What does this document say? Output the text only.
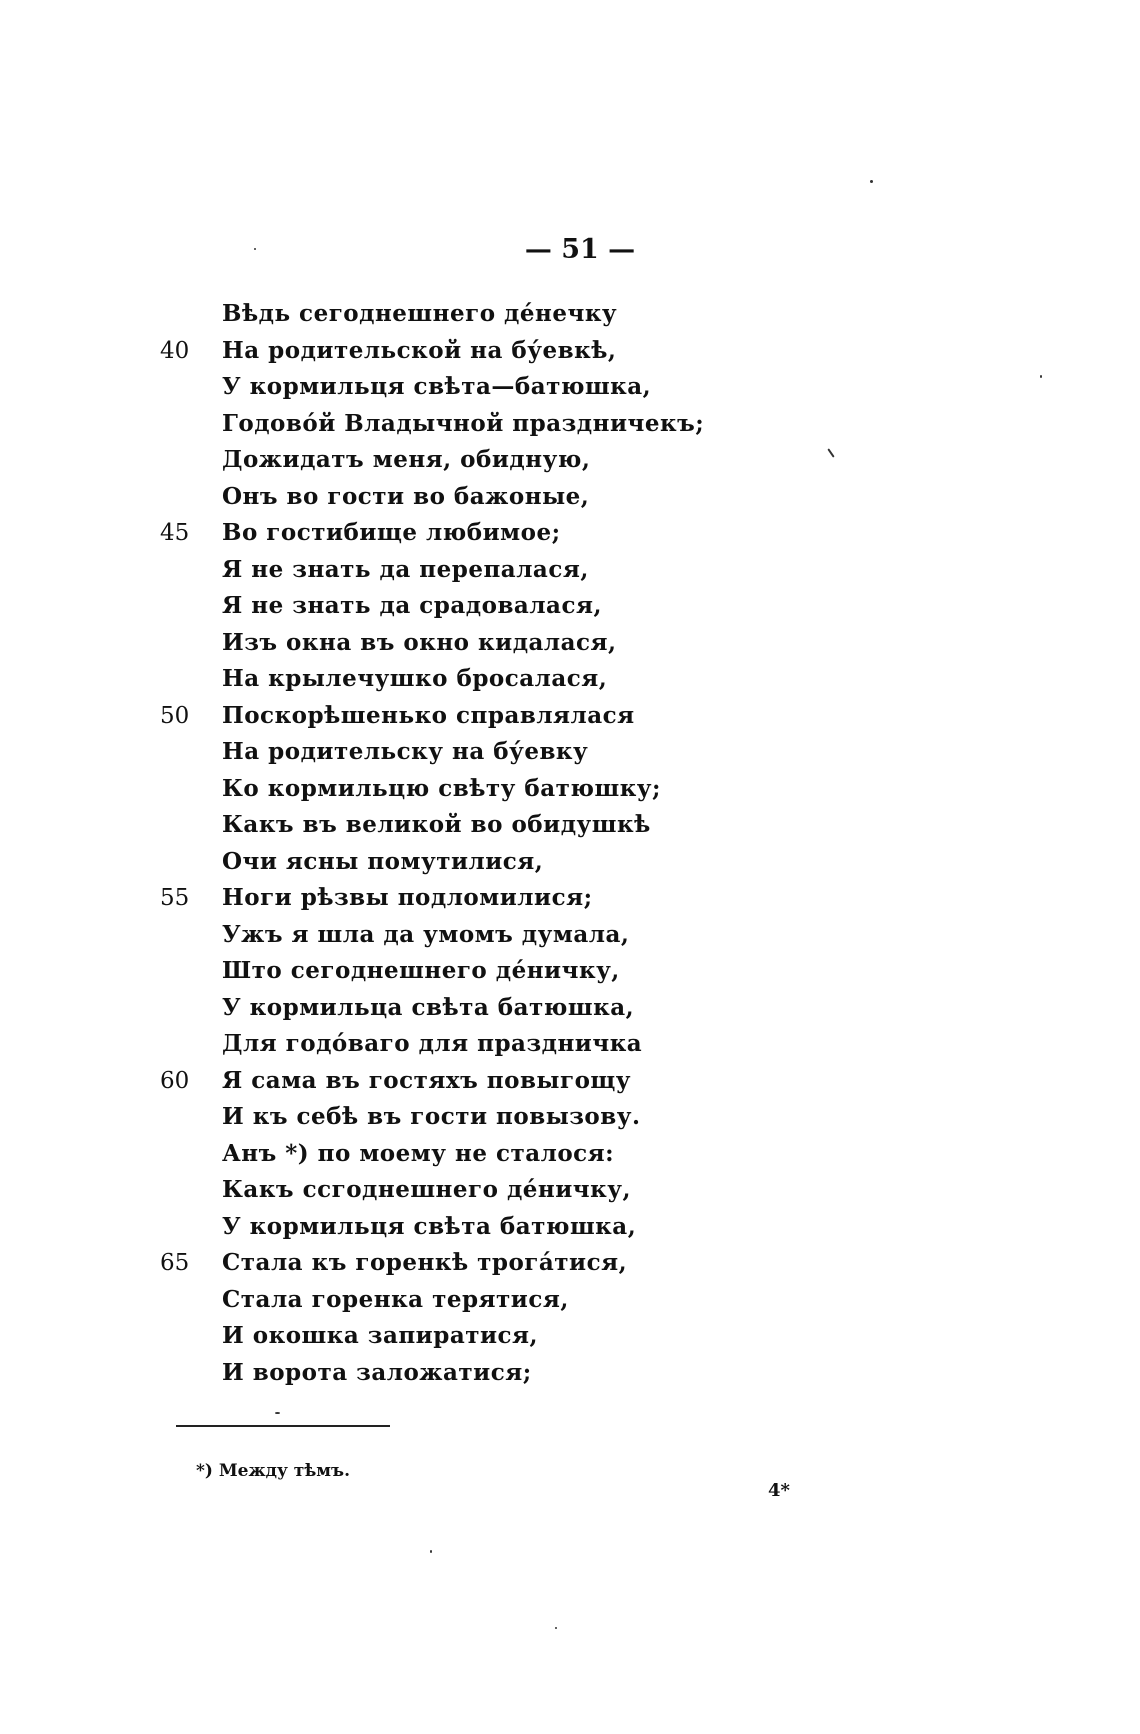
— 51 —
Вѣдь сегоднешнего де́нечку
40	На родительской на бу́евкѣ,
У кормильця свѣта—батюшка,
Годово́й Владычной праздничекъ;
Дожидатъ меня, обидную,
Онъ во гости во бажоные,
45	Во гостибище любимое;
Я не знать да перепалася,
Я не знать да срадовалася,
Изъ окна въ окно кидалася,
На крылечушко бросалася,
50	Поскорѣшенько справлялася
На родительску на бу́евку
Ко кормильцю свѣту батюшку;
Какъ въ великой во обидушкѣ
Очи ясны помутилися,
55	Ноги рѣзвы подломилися;
Ужъ я шла да умомъ думала,
Што сегоднешнего де́ничку,
У кормильца свѣта батюшка,
Для годо́ваго для праздничка
60	Я сама въ гостяхъ повыгощу
И къ себѣ въ гости повызову.
Анъ *) по моему не сталося:
Какъ ссгоднешнего де́ничку,
У кормильця свѣта батюшка,
65	Стала къ горенкѣ трога́тися,
Стала горенка терятися,
И окошка запиратися,
И ворота заложатися;
*) Между тѣмъ.
4*
